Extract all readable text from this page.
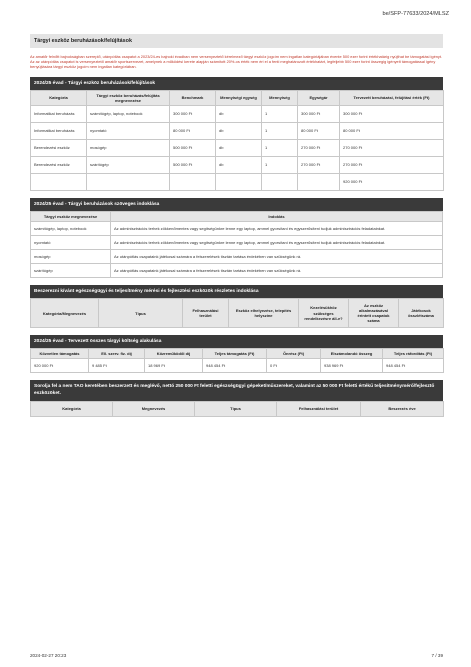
be/SFP-77633/2024/MLSZ
Tárgyi eszköz beruházások/felújítások
Az amatőr felnőtt bajnokságban szereplő, utánpótlás csapatot a 2023/24-es bajnoki évadban nem versenyeztető kérelmező tárgyi eszköz jogcím nem ingatlan kategóriájában évente 500 ezer forint értékhatárig nyújthat be támogatási igényt. Az az utánpótlás csapatot is versenyeztető amatőr sportszervezet, amelynek a működési kerete alapján számított 20%-os érték nem éri el a fenti meghatározott értékhatárt, legfeljebb 500 ezer forint összegig igényelt támogatással igény benyújtására tárgyi eszköz jogcím nem ingatlan kategóriában.
2024/25 évad - Tárgyi eszköz beruházások/felújítások
Kategória	Tárgyi eszköz beruházás/felújítás megnevezése	Benchmark	Mennyiségi egység	Mennyiség	Egységár	Tervezett beruházási, felújítási érték (Ft)
Informatikai beruházás	számítógép, laptop, notebook	300 000 Ft	db	1	300 000 Ft	300 000 Ft
Informatikai beruházás	nyomtató	80 000 Ft	db	1	80 000 Ft	80 000 Ft
Berendezési eszköz	mosógép	500 000 Ft	db	1	270 000 Ft	270 000 Ft
Berendezési eszköz	szárítógép	500 000 Ft	db	1	270 000 Ft	270 000 Ft
						920 000 Ft
2024/25 évad - Tárgyi beruházások szöveges indoklása
Tárgyi eszköz megnevezése	Indoklás
számítógép, laptop, notebook	Az adminisztrációs terhek zökkenőmentes vagy segítségünkre lenne egy laptop, ammel gyorsítani és egyszerűsíteni tudjuk adminisztrációs feladatainkat.
nyomtató	Az adminisztrációs terhek zökkenőmentes vagy segítségünkre lenne egy laptop, ammel gyorsítani és egyszerűsíteni tudjuk adminisztrációs feladatainkat.
mosógép	Az utánpótlás csapataink játékosai számára a felszerelések tisztán tartása érdekében van szükségünk rá.
szárítógép	Az utánpótlás csapataink játékosai számára a felszerelések tisztán tartása érdekében van szükségünk rá.
Beszerezni kívánt egészségügyi és teljesítmény mérési és fejlesztési eszközök részletes indoklása
Kategória/Megnevezés	Típus	Felhasználási terület	Eszköz elhelyezése, telepítés helyszíne	Kezelésükhöz szükséges rendelkezésre áll-e?	Az eszköz alkalmazásával érintett csapatok száma	Játékosok összlétszáma
2024/25 évad - Tervezett összes tárgyi költség alakulása
Közvetlen támogatás	Ell. szerv. fiz. díj	Közreműködői díj	Teljes támogatás (Ft)	Önrész (Ft)	Elszámolandó összeg	Teljes ráfordítás (Ft)
920 000 Ft	9 485 Ft	18 969 Ft	948 454 Ft	0 Ft	938 969 Ft	948 454 Ft
Sorolja fel a nem TAO keretében beszerzett és meglévő, nettó 250 000 Ft feletti egészségügyi gépeket/műszereket, valamint az 50 000 Ft feletti értékű teljesítménymérő/fejlesztő eszközöket.
Kategória	Megnevezés	Típus	Felhasználási terület	Beszerzés éve
2024-02-27 20:23	7 / 39
